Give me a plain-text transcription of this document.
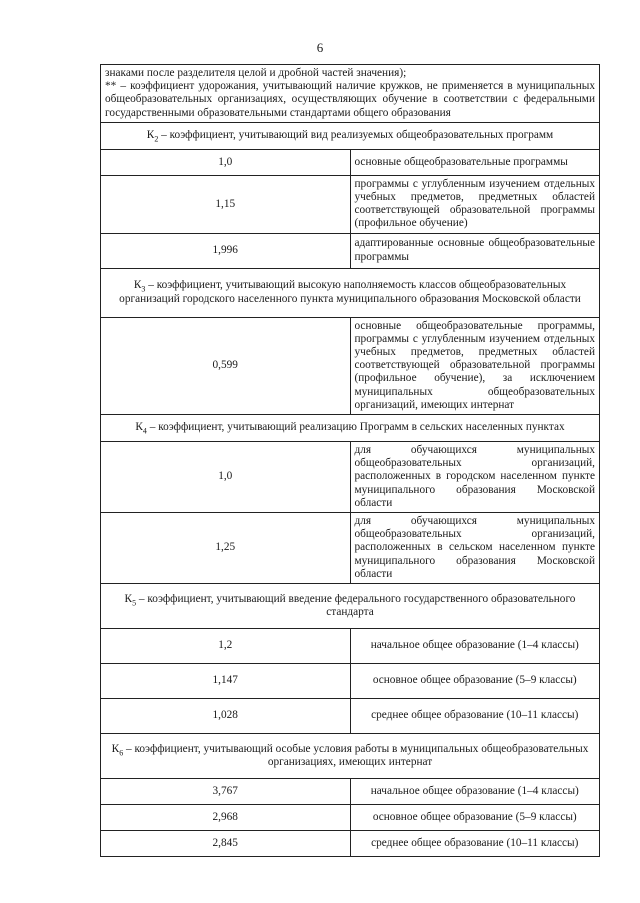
6

знаками после разделителя целой и дробной частей значения);

** – коэффициент удорожания, учитывающий наличие кружков, не применяется в муниципальных общеобразовательных организациях, осуществляющих обучение в соответствии с федеральными государственными образовательными стандартами общего образования	

$К_2$ – коэффициент, учитывающий вид реализуемых общеобразовательных программ	
1,0	основные общеобразовательные программы
1,15	программы с углубленным изучением отдельных учебных предметов, предметных областей соответствующей образовательной программы (профильное обучение)
1,996	адаптированные основные общеобразовательные программы
$К_3$ – коэффициент, учитывающий высокую наполняемость классов общеобразовательных организаций городского населенного пункта муниципального образования Московской области	
0,599	основные общеобразовательные программы, программы с углубленным изучением отдельных учебных предметов, предметных областей соответствующей образовательной программы (профильное обучение), за исключением муниципальных общеобразовательных организаций, имеющих интернат
$К_4$ – коэффициент, учитывающий реализацию Программ в сельских населенных пунктах	
1,0	для обучающихся муниципальных общеобразовательных организаций, расположенных в городском населенном пункте муниципального образования Московской области
1,25	для обучающихся муниципальных общеобразовательных организаций, расположенных в сельском населенном пункте муниципального образования Московской области
$К_5$ – коэффициент, учитывающий введение федерального государственного образовательного стандарта	
1,2	начальное общее образование (1–4 классы)
1,147	основное общее образование (5–9 классы)
1,028	среднее общее образование (10–11 классы)
$К_6$ – коэффициент, учитывающий особые условия работы в муниципальных общеобразовательных организациях, имеющих интернат	
3,767	начальное общее образование (1–4 классы)
2,968	основное общее образование (5–9 классы)
2,845	среднее общее образование (10–11 классы)
